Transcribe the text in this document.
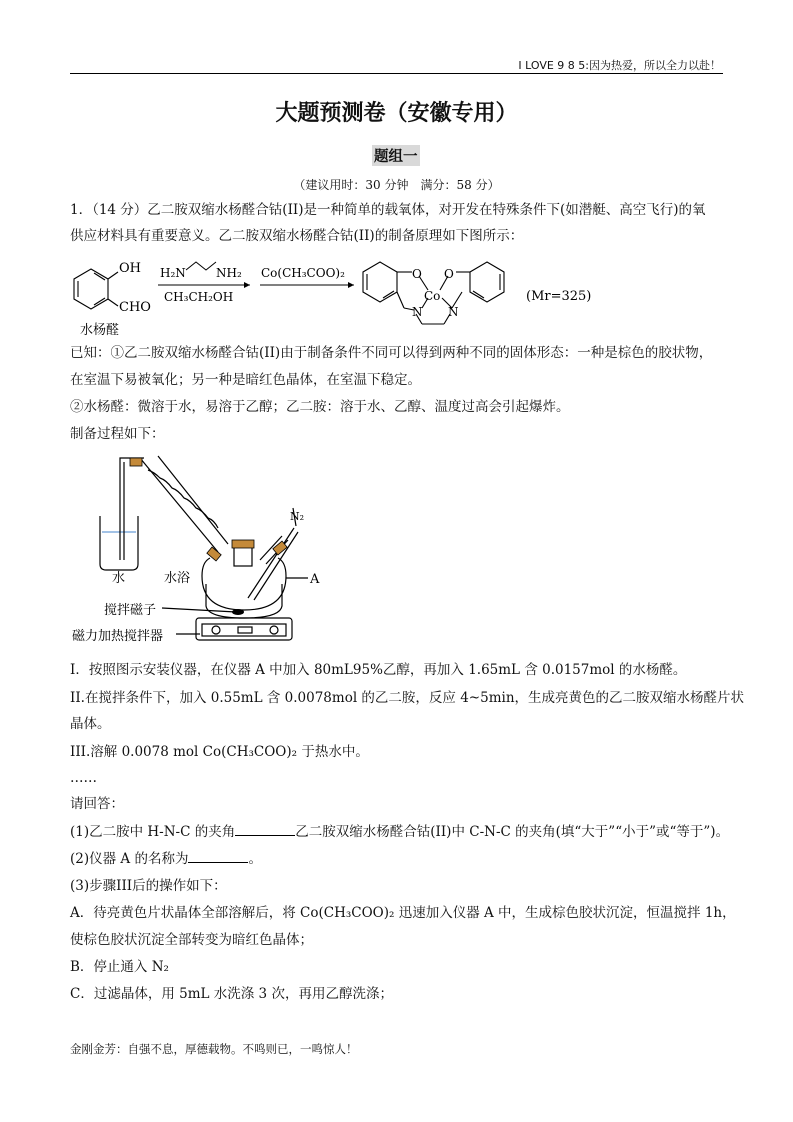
I LOVE 9 8 5:因为热爱，所以全力以赴！
大题预测卷（安徽专用）
题组一
（建议用时：30 分钟　满分：58 分）
1．（14 分）乙二胺双缩水杨醛合钴(II)是一种简单的载氧体，对开发在特殊条件下(如潜艇、高空飞行)的氧
供应材料具有重要意义。乙二胺双缩水杨醛合钴(II)的制备原理如下图所示：
OH
CHO
水杨醛
H₂N	NH₂
CH₃CH₂OH
Co(CH₃COO)₂	O O
Co
N N
(Mr=325)
已知：①乙二胺双缩水杨醛合钴(II)由于制备条件不同可以得到两种不同的固体形态：一种是棕色的胶状物，
在室温下易被氧化；另一种是暗红色晶体，在室温下稳定。
②水杨醛：微溶于水，易溶于乙醇；乙二胺：溶于水、乙醇、温度过高会引起爆炸。
制备过程如下：
水	水浴
N₂
A
搅拌磁子
磁力加热搅拌器
I．按照图示安装仪器，在仪器 A 中加入 80mL95%乙醇，再加入 1.65mL 含 0.0157mol 的水杨醛。
II.在搅拌条件下，加入 0.55mL 含 0.0078mol 的乙二胺，反应 4~5min，生成亮黄色的乙二胺双缩水杨醛片状
晶体。
III.溶解 0.0078 mol Co(CH₃COO)₂ 于热水中。
……
请回答：
(1)乙二胺中 H-N-C 的夹角	乙二胺双缩水杨醛合钴(II)中 C-N-C 的夹角(填“大于”“小于”或“等于”)。
(2)仪器 A 的名称为	。
(3)步骤III后的操作如下：
A．待亮黄色片状晶体全部溶解后，将 Co(CH₃COO)₂ 迅速加入仪器 A 中，生成棕色胶状沉淀，恒温搅拌 1h，
使棕色胶状沉淀全部转变为暗红色晶体；
B．停止通入 N₂
C．过滤晶体，用 5mL 水洗涤 3 次，再用乙醇洗涤；
金刚金芳：自强不息，厚德载物。不鸣则已，一鸣惊人！
